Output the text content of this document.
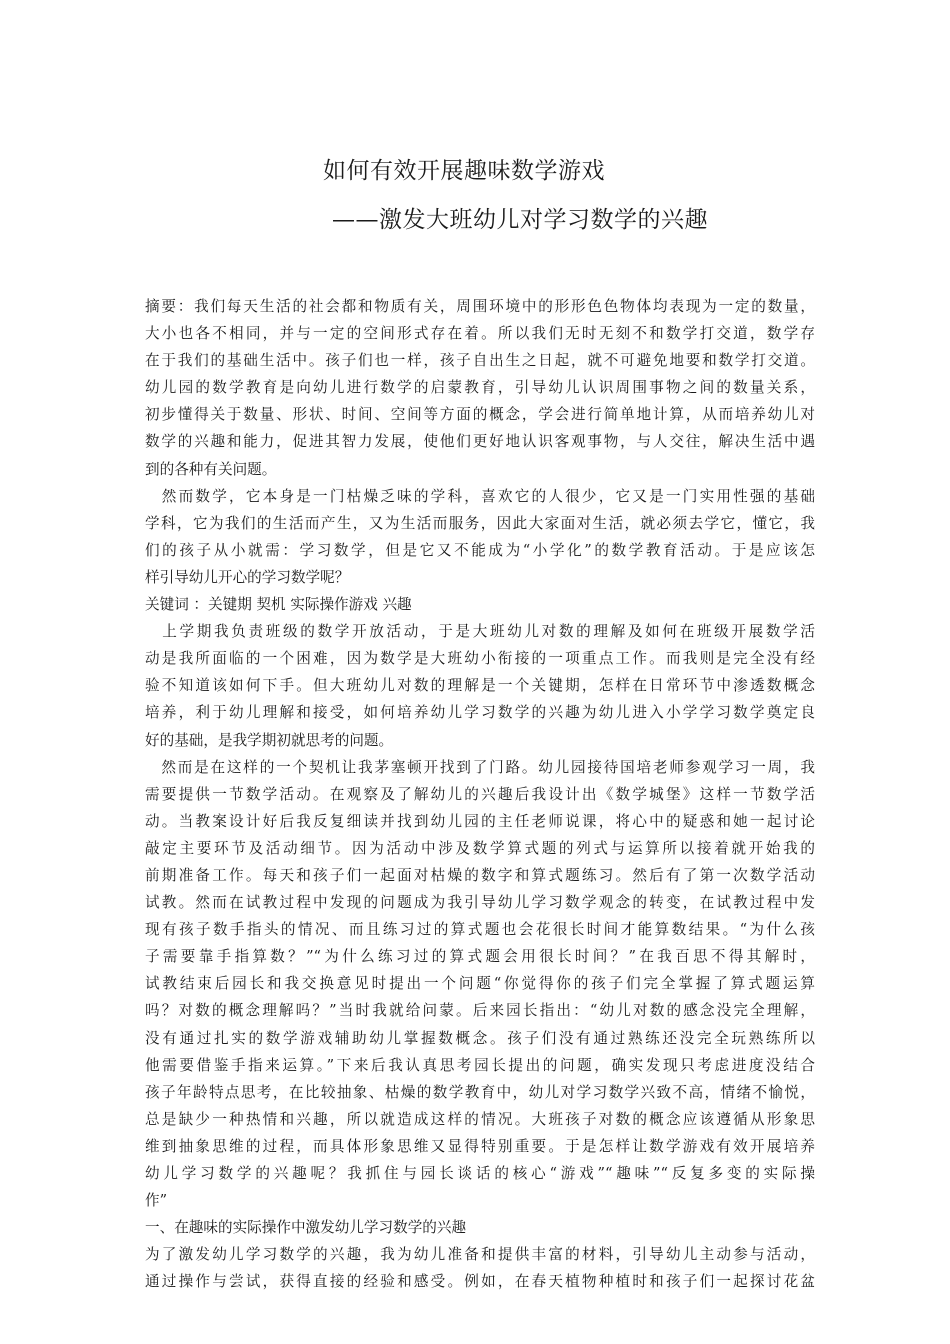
如何有效开展趣味数学游戏
——激发大班幼儿对学习数学的兴趣
摘要：我们每天生活的社会都和物质有关，周围环境中的形形色色物体均表现为一定的数量，
大小也各不相同，并与一定的空间形式存在着。所以我们无时无刻不和数学打交道，数学存
在于我们的基础生活中。孩子们也一样，孩子自出生之日起，就不可避免地要和数学打交道。
幼儿园的数学教育是向幼儿进行数学的启蒙教育，引导幼儿认识周围事物之间的数量关系，
初步懂得关于数量、形状、时间、空间等方面的概念，学会进行简单地计算，从而培养幼儿对
数学的兴趣和能力，促进其智力发展，使他们更好地认识客观事物，与人交往，解决生活中遇
到的各种有关问题。
　然而数学，它本身是一门枯燥乏味的学科，喜欢它的人很少，它又是一门实用性强的基础
学科，它为我们的生活而产生，又为生活而服务，因此大家面对生活，就必须去学它，懂它，我
们的孩子从小就需：学习数学，但是它又不能成为“小学化”的数学教育活动。于是应该怎
样引导幼儿开心的学习数学呢？
关键词 ：关键期 契机 实际操作游戏 兴趣
　上学期我负责班级的数学开放活动，于是大班幼儿对数的理解及如何在班级开展数学活
动是我所面临的一个困难，因为数学是大班幼小衔接的一项重点工作。而我则是完全没有经
验不知道该如何下手。但大班幼儿对数的理解是一个关键期，怎样在日常环节中渗透数概念
培养，利于幼儿理解和接受，如何培养幼儿学习数学的兴趣为幼儿进入小学学习数学奠定良
好的基础，是我学期初就思考的问题。
　然而是在这样的一个契机让我茅塞顿开找到了门路。幼儿园接待国培老师参观学习一周，我
需要提供一节数学活动。在观察及了解幼儿的兴趣后我设计出《数学城堡》这样一节数学活
动。当教案设计好后我反复细读并找到幼儿园的主任老师说课，将心中的疑惑和她一起讨论
敲定主要环节及活动细节。因为活动中涉及数学算式题的列式与运算所以接着就开始我的
前期准备工作。每天和孩子们一起面对枯燥的数字和算式题练习。然后有了第一次数学活动
试教。然而在试教过程中发现的问题成为我引导幼儿学习数学观念的转变，在试教过程中发
现有孩子数手指头的情况、而且练习过的算式题也会花很长时间才能算数结果。“为什么孩
子需要靠手指算数？”“为什么练习过的算式题会用很长时间？”在我百思不得其解时，
试教结束后园长和我交换意见时提出一个问题“你觉得你的孩子们完全掌握了算式题运算
吗？对数的概念理解吗？”当时我就给问蒙。后来园长指出：“幼儿对数的感念没完全理解，
没有通过扎实的数学游戏辅助幼儿掌握数概念。孩子们没有通过熟练还没完全玩熟练所以
他需要借鉴手指来运算。”下来后我认真思考园长提出的问题，确实发现只考虑进度没结合
孩子年龄特点思考，在比较抽象、枯燥的数学教育中，幼儿对学习数学兴致不高，情绪不愉悦，
总是缺少一种热情和兴趣，所以就造成这样的情况。大班孩子对数的概念应该遵循从形象思
维到抽象思维的过程，而具体形象思维又显得特别重要。于是怎样让数学游戏有效开展培养
幼儿学习数学的兴趣呢？我抓住与园长谈话的核心“游戏”“趣味”“反复多变的实际操
作”
一、在趣味的实际操作中激发幼儿学习数学的兴趣
为了激发幼儿学习数学的兴趣，我为幼儿准备和提供丰富的材料，引导幼儿主动参与活动，
通过操作与尝试，获得直接的经验和感受。例如，在春天植物种植时和孩子们一起探讨花盆
